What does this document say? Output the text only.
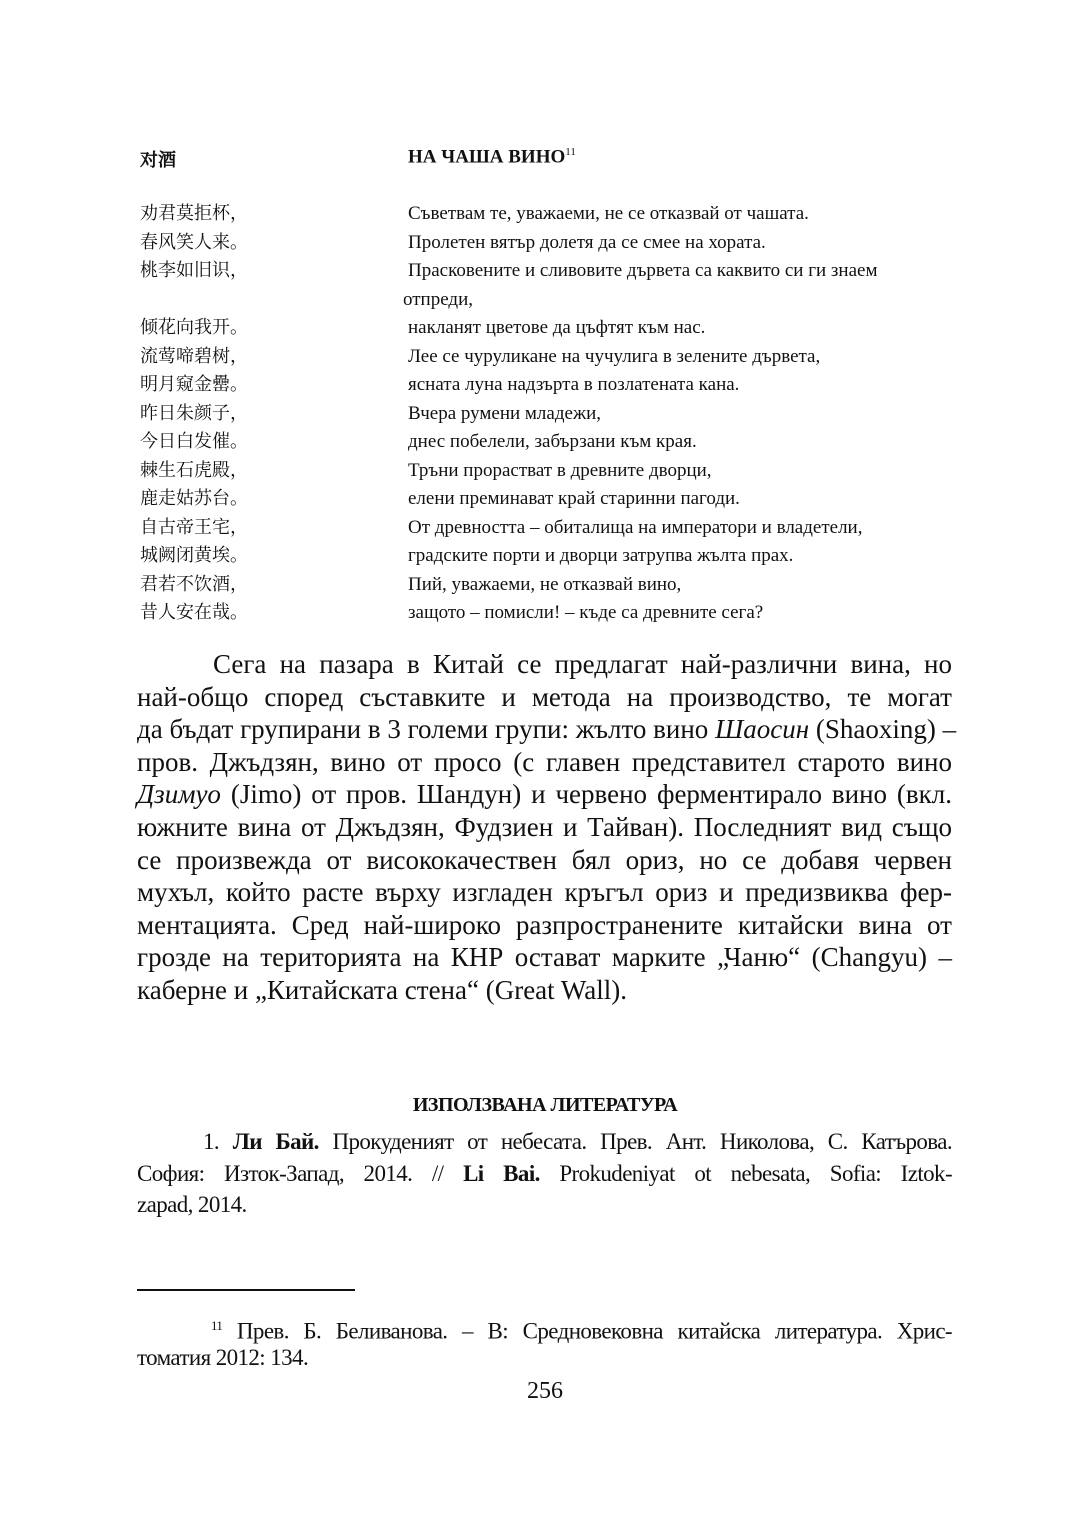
对酒	НА ЧАША ВИНО$^{11}$
劝君莫拒杯，
春风笑人来。
桃李如旧识，
倾花向我开。
流莺啼碧树，
明月窥金罍。
昨日朱颜子，
今日白发催。
棘生石虎殿，
鹿走姑苏台。
自古帝王宅，
城阙闭黄埃。
君若不饮酒，
昔人安在哉。
Съветвам те, уважаеми, не се отказвай от чашата.
Пролетен вятър долетя да се смее на хората.
Прасковените и сливовите дървета са каквито си ги знаем
отпреди,
накланят цветове да цъфтят към нас.
Лее се чуруликане на чучулига в зелените дървета,
ясната луна надзърта в позлатената кана.
Вчера румени младежи,
днес побелели, забързани към края.
Тръни прорастват в древните дворци,
елени преминават край старинни пагоди.
От древността – обиталища на императори и владетели,
градските порти и дворци затрупва жълта прах.
Пий, уважаеми, не отказвай вино,
защото – помисли! – къде са древните сега?
Сега на пазара в Китай се предлагат най-различни вина, но
най-общо според съставките и метода на производство, те могат
да бъдат групирани в 3 големи групи: жълто вино Шаосин (Shaoxing) –
пров. Джъдзян, вино от просо (с главен представител старото вино
Дзимуо (Jimo) от пров. Шандун) и червено ферментирало вино (вкл.
южните вина от Джъдзян, Фудзиен и Тайван). Последният вид също
се произвежда от висококачествен бял ориз, но се добавя червен
мухъл, който расте върху изгладен кръгъл ориз и предизвиква фер-
ментацията. Сред най-широко разпространените китайски вина от
грозде на територията на КНР остават марките „Чаню“ (Changyu) –
каберне и „Китайската стена“ (Great Wall).
ИЗПОЛЗВАНА ЛИТЕРАТУРА
1. Ли Бай. Прокуденият от небесата. Прев. Ант. Николова, С. Катърова.
София: Изток-Запад, 2014. // Li Bai. Prokudeniyat ot nebesata, Sofia: Iztok-
zapad, 2014.
$^{11}$ Прев. Б. Беливанова. – В: Средновековна китайска литература. Хрис-
томатия 2012: 134.
256
